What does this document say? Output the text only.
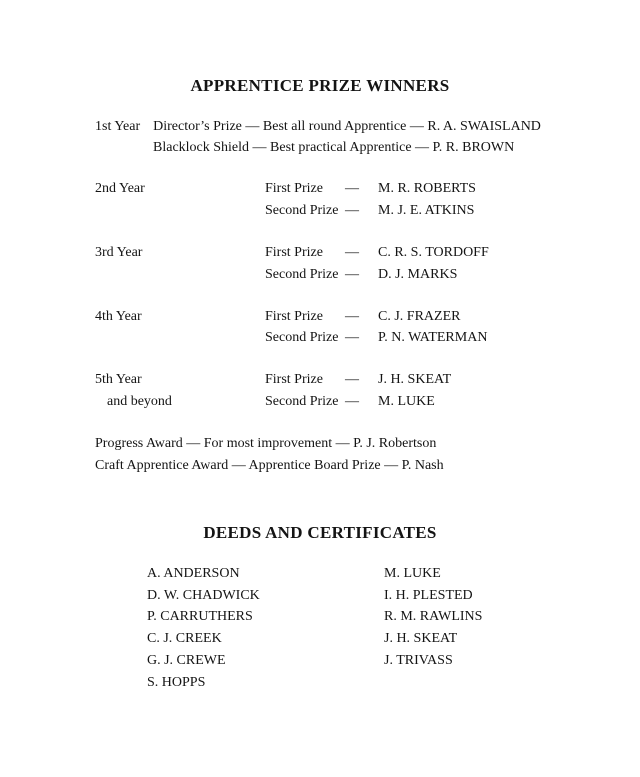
APPRENTICE PRIZE WINNERS
1st Year Director’s Prize — Best all round Apprentice — R. A. SWAISLAND
Blacklock Shield — Best practical Apprentice — P. R. BROWN
2nd Year	First Prize — M. R. ROBERTS
Second Prize — M. J. E. ATKINS
3rd Year	First Prize — C. R. S. TORDOFF
Second Prize — D. J. MARKS
4th Year	First Prize — C. J. FRAZER
Second Prize — P. N. WATERMAN
5th Year	First Prize — J. H. SKEAT
and beyond	Second Prize — M. LUKE
Progress Award — For most improvement — P. J. Robertson
Craft Apprentice Award — Apprentice Board Prize — P. Nash
DEEDS AND CERTIFICATES
A. ANDERSON
D. W. CHADWICK
P. CARRUTHERS
C. J. CREEK
G. J. CREWE
S. HOPPS
M. LUKE
I. H. PLESTED
R. M. RAWLINS
J. H. SKEAT
J. TRIVASS
